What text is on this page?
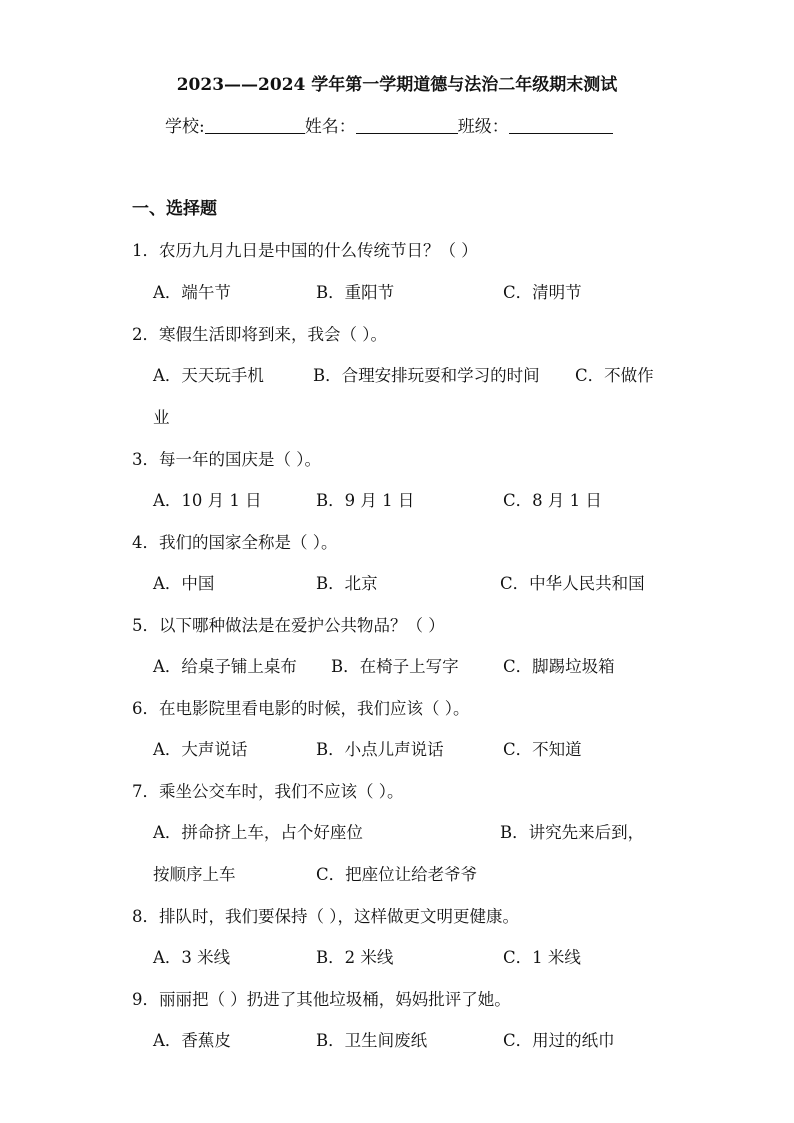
2023——2024 学年第一学期道德与法治二年级期末测试
学校:	姓名：	班级：
一、选择题
1．农历九月九日是中国的什么传统节日？（ ）
A．端午节	B．重阳节	C．清明节
2．寒假生活即将到来，我会（ ）。
A．天天玩手机	B．合理安排玩耍和学习的时间 C．不做作
业
3．每一年的国庆是（ ）。
A．10 月 1 日	B．9 月 1 日	C．8 月 1 日
4．我们的国家全称是（ ）。
A．中国	B．北京	C．中华人民共和国
5．以下哪种做法是在爱护公共物品？（ ）
A．给桌子铺上桌布 B．在椅子上写字	C．脚踢垃圾箱
6．在电影院里看电影的时候，我们应该（ ）。
A．大声说话	B．小点儿声说话	C．不知道
7．乘坐公交车时，我们不应该（ ）。
A．拼命挤上车，占个好座位	B．讲究先来后到，
按顺序上车	C．把座位让给老爷爷
8．排队时，我们要保持（ ），这样做更文明更健康。
A．3 米线	B．2 米线	C．1 米线
9．丽丽把（ ）扔进了其他垃圾桶，妈妈批评了她。
A．香蕉皮	B．卫生间废纸	C．用过的纸巾
